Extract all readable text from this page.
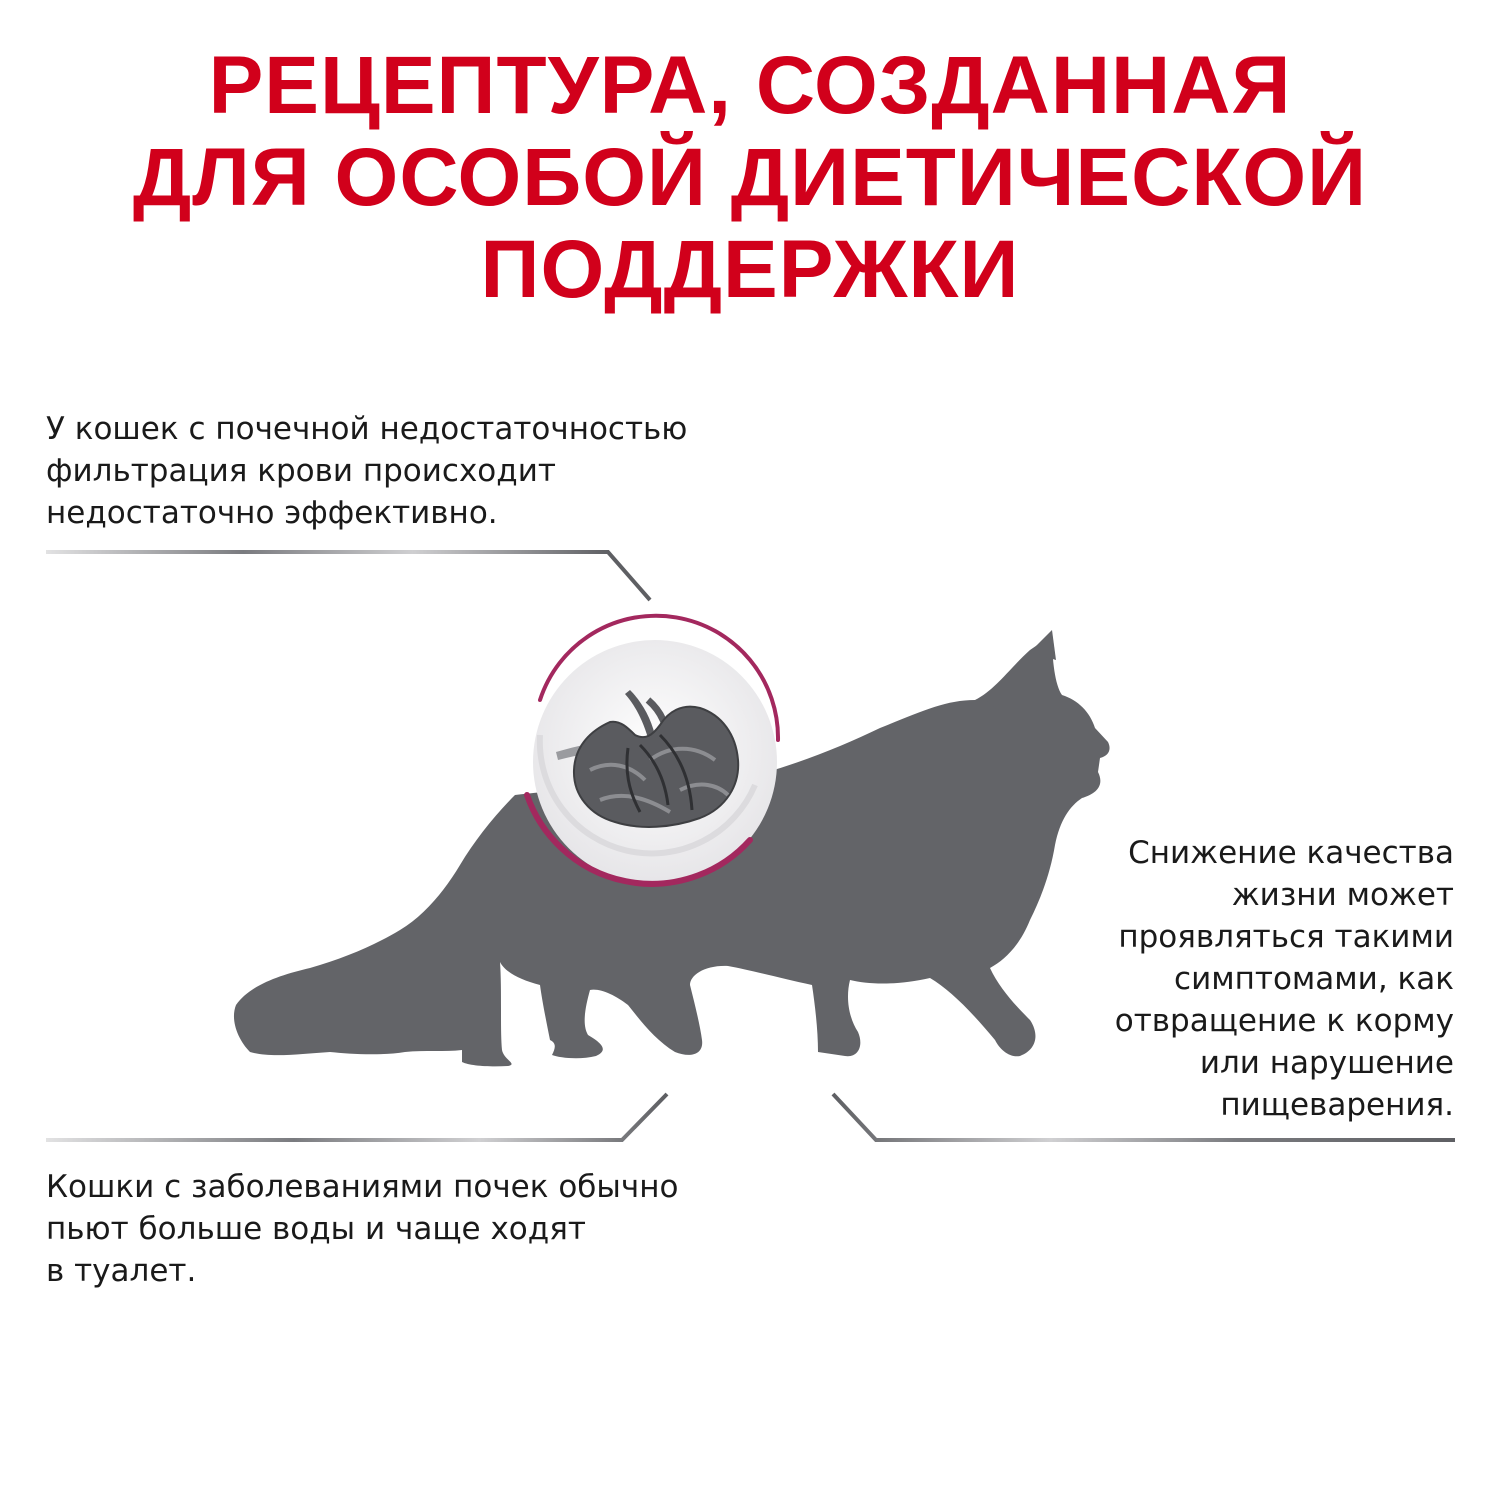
РЕЦЕПТУРА, СОЗДАННАЯ
ДЛЯ ОСОБОЙ ДИЕТИЧЕСКОЙ
ПОДДЕРЖКИ

У кошек с почечной недостаточностью
фильтрация крови происходит
недостаточно эффективно.

Снижение качества
жизни может
проявляться такими
симптомами, как
отвращение к корму
или нарушение
пищеварения.

Кошки с заболеваниями почек обычно
пьют больше воды и чаще ходят
в туалет.
